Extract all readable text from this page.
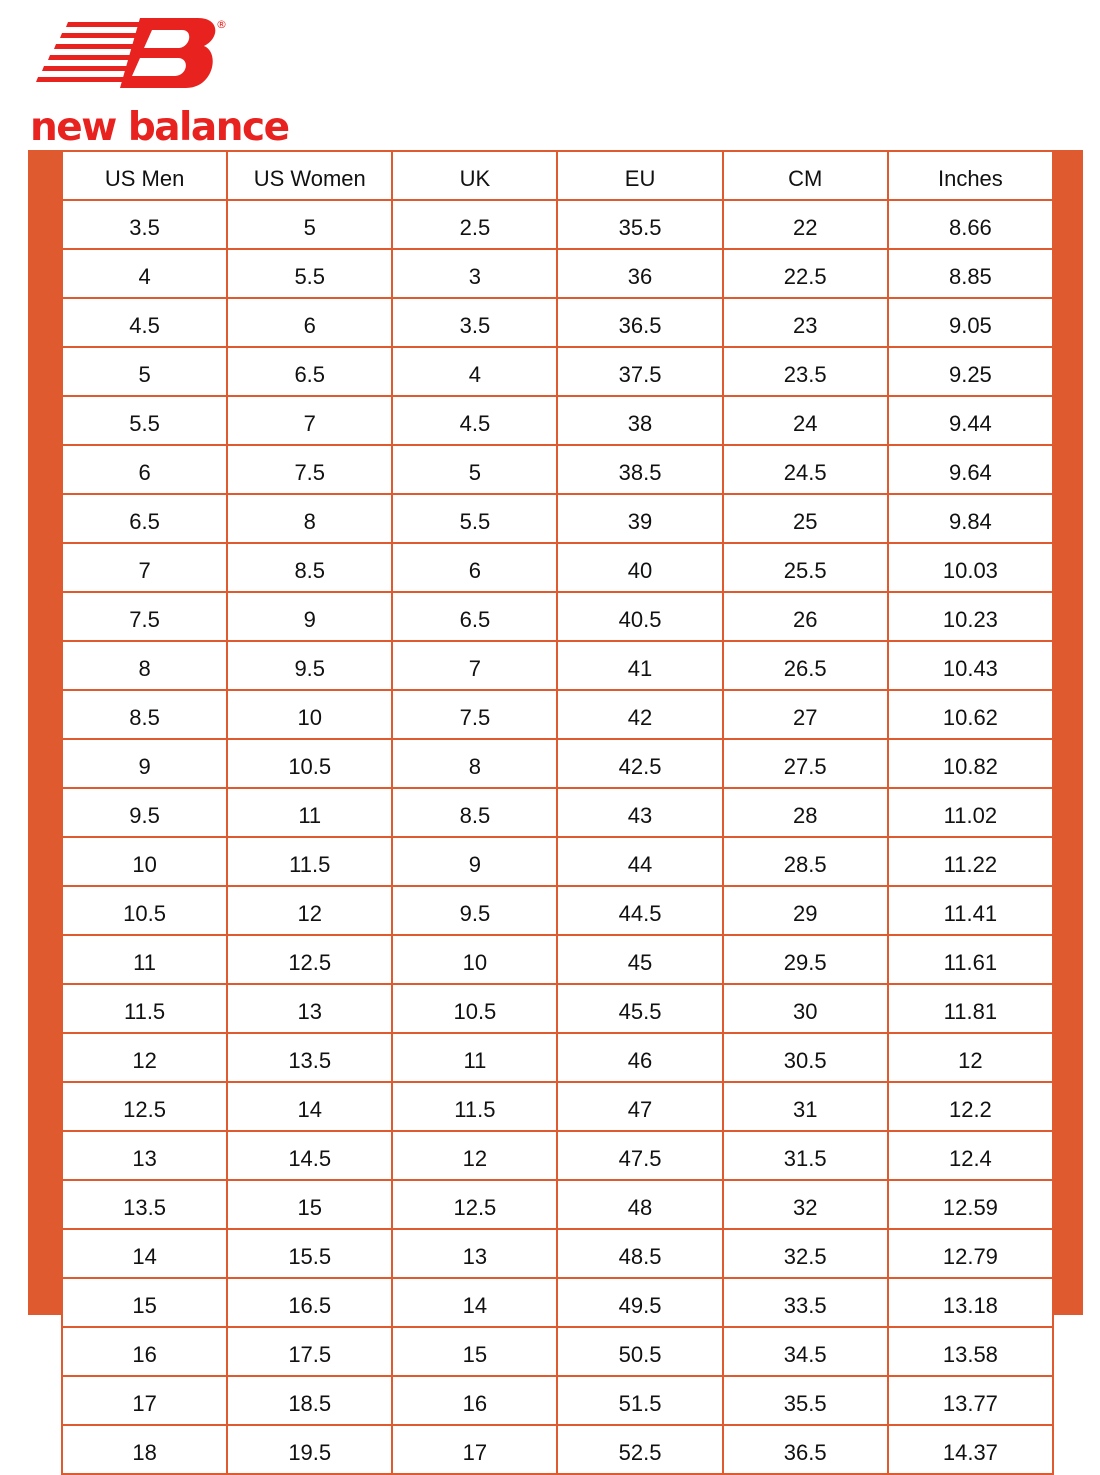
®
new balance
US Men	US Women	UK	EU	CM	Inches
3.5	5	2.5	35.5	22	8.66
4	5.5	3	36	22.5	8.85
4.5	6	3.5	36.5	23	9.05
5	6.5	4	37.5	23.5	9.25
5.5	7	4.5	38	24	9.44
6	7.5	5	38.5	24.5	9.64
6.5	8	5.5	39	25	9.84
7	8.5	6	40	25.5	10.03
7.5	9	6.5	40.5	26	10.23
8	9.5	7	41	26.5	10.43
8.5	10	7.5	42	27	10.62
9	10.5	8	42.5	27.5	10.82
9.5	11	8.5	43	28	11.02
10	11.5	9	44	28.5	11.22
10.5	12	9.5	44.5	29	11.41
11	12.5	10	45	29.5	11.61
11.5	13	10.5	45.5	30	11.81
12	13.5	11	46	30.5	12
12.5	14	11.5	47	31	12.2
13	14.5	12	47.5	31.5	12.4
13.5	15	12.5	48	32	12.59
14	15.5	13	48.5	32.5	12.79
15	16.5	14	49.5	33.5	13.18
16	17.5	15	50.5	34.5	13.58
17	18.5	16	51.5	35.5	13.77
18	19.5	17	52.5	36.5	14.37
